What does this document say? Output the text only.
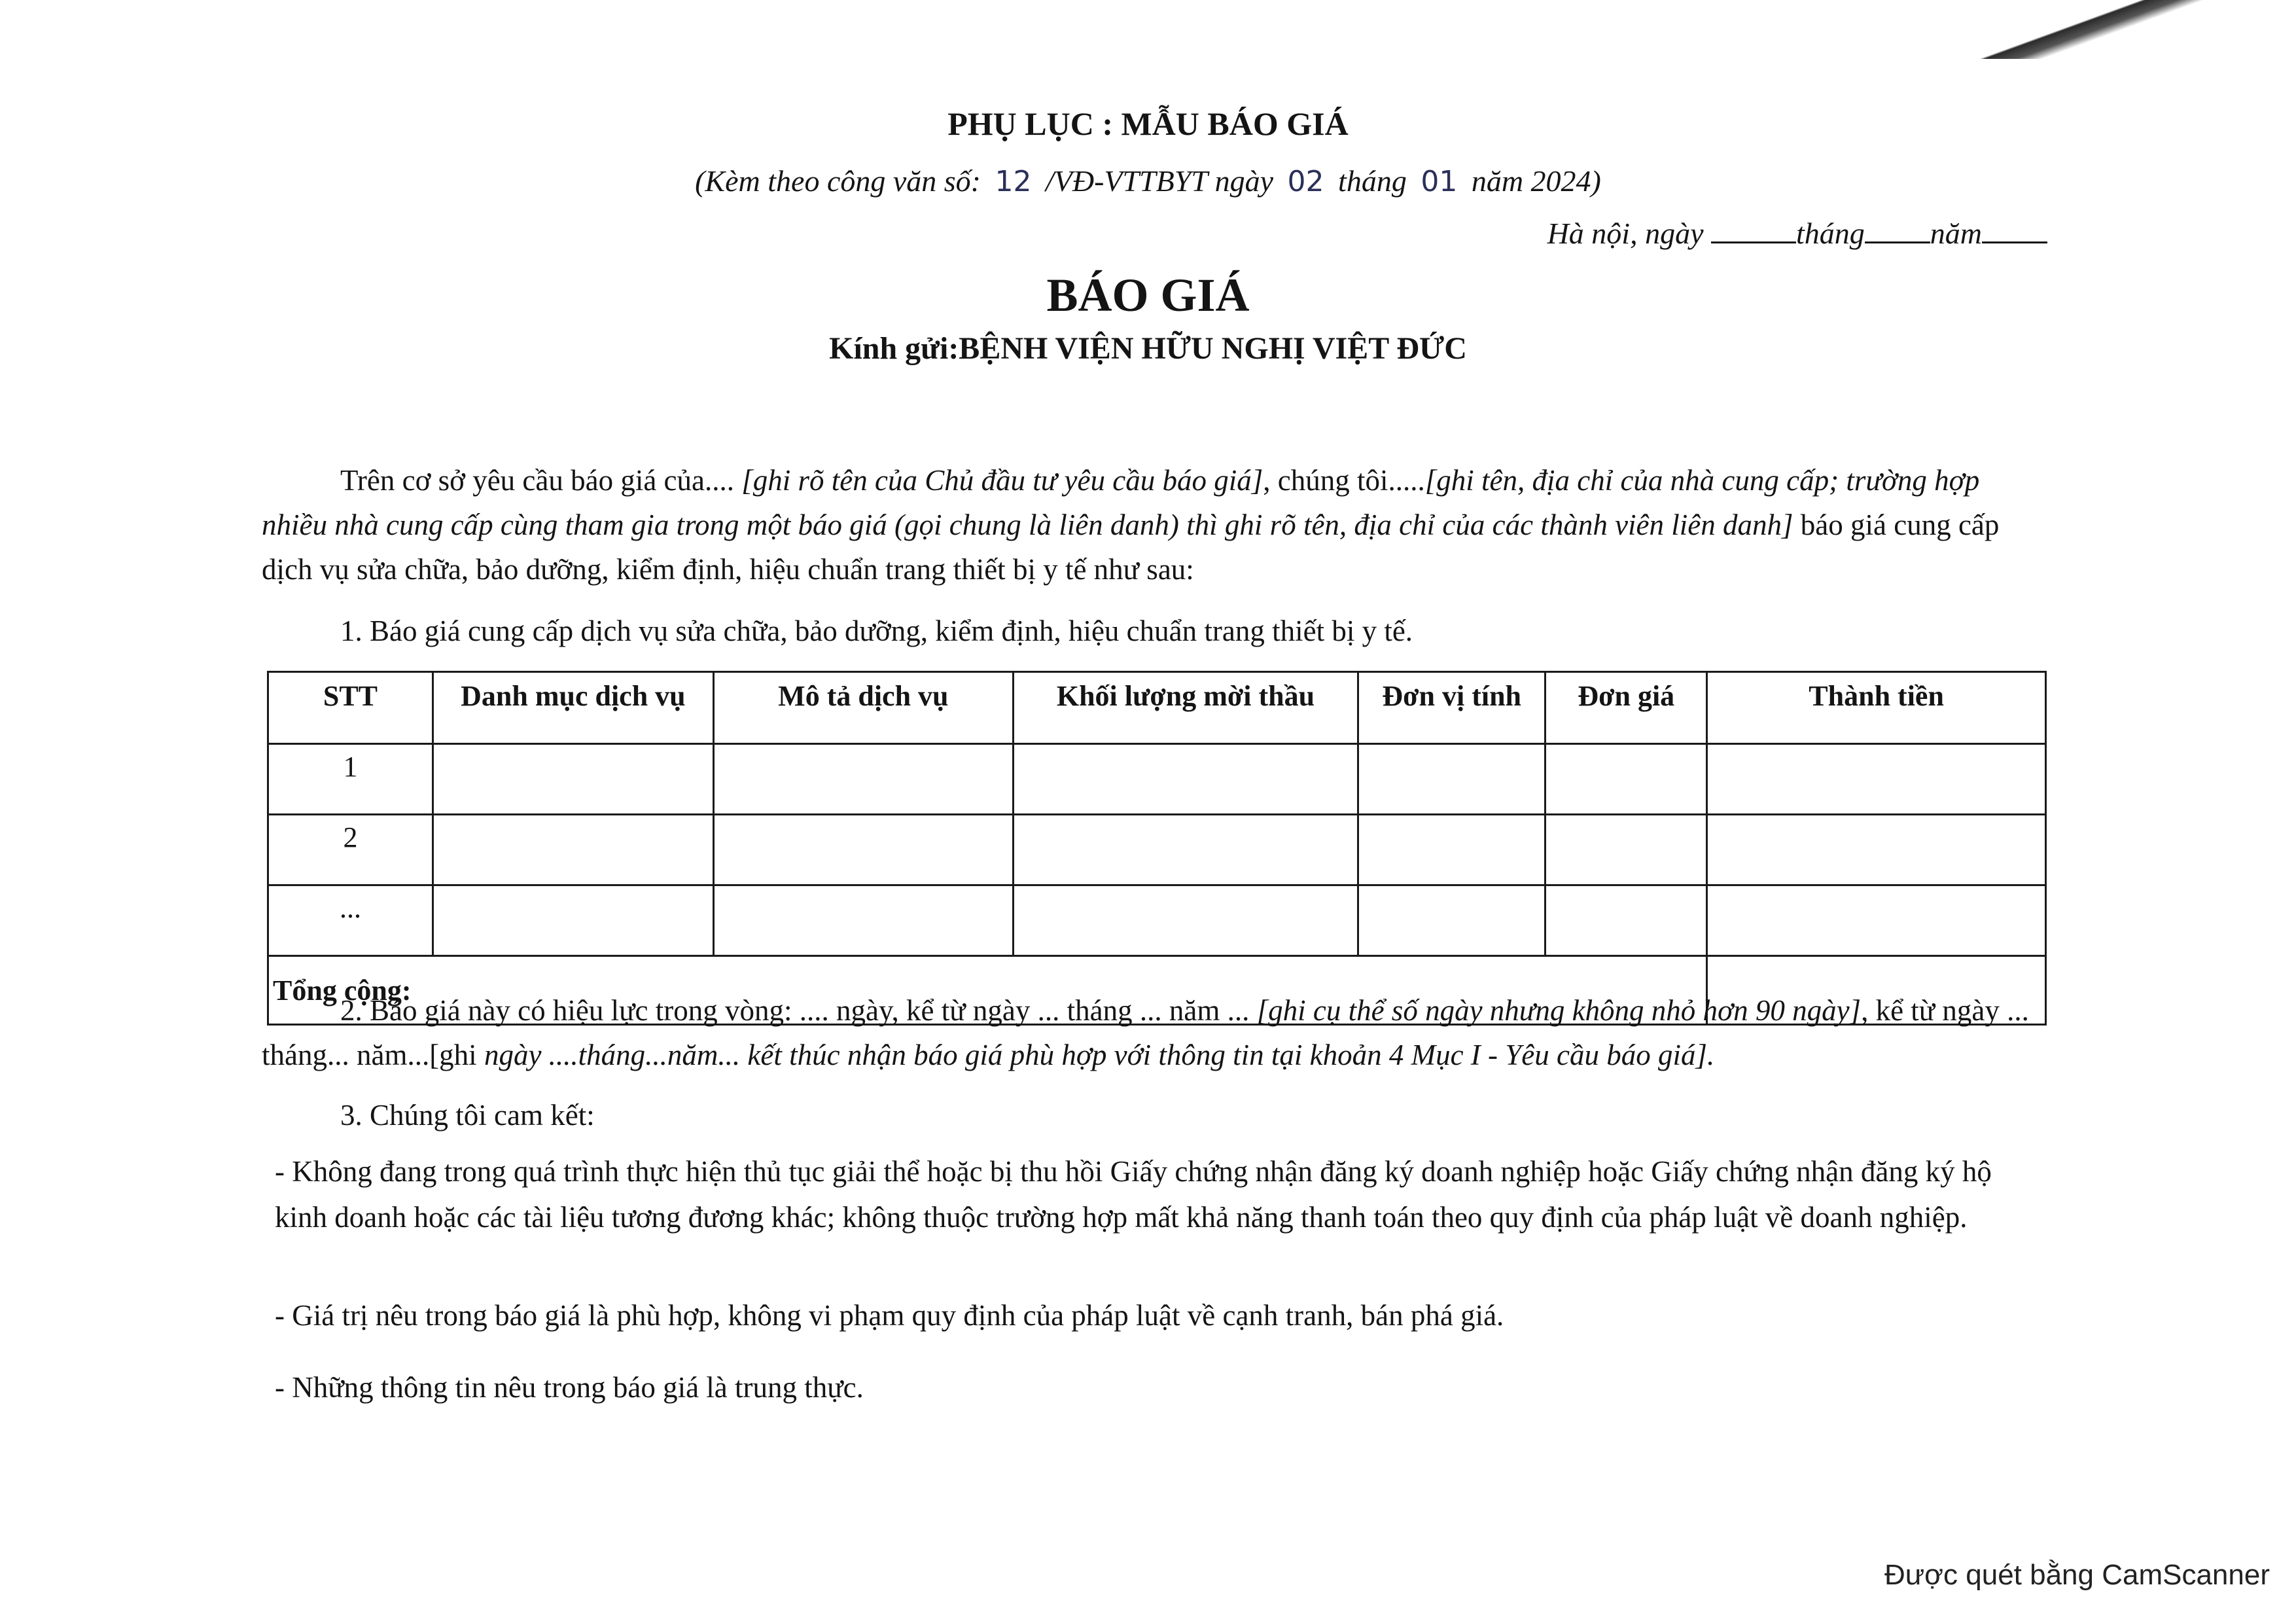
PHỤ LỤC : MẪU BÁO GIÁ
(Kèm theo công văn số: 12 /VĐ-VTTBYT ngày 02 tháng 01 năm 2024)
Hà nội, ngày	tháng năm
BÁO GIÁ
Kính gửi:BỆNH VIỆN HỮU NGHỊ VIỆT ĐỨC
Trên cơ sở yêu cầu báo giá của.... [ghi rõ tên của Chủ đầu tư yêu cầu báo giá], chúng tôi.....[ghi tên, địa chỉ của nhà cung cấp; trường hợp nhiều nhà cung cấp cùng tham gia trong một báo giá (gọi chung là liên danh) thì ghi rõ tên, địa chỉ của các thành viên liên danh] báo giá cung cấp dịch vụ sửa chữa, bảo dưỡng, kiểm định, hiệu chuẩn trang thiết bị y tế như sau:
1. Báo giá cung cấp dịch vụ sửa chữa, bảo dưỡng, kiểm định, hiệu chuẩn trang thiết bị y tế.
STT	Danh mục dịch vụ	Mô tả dịch vụ	Khối lượng mời thầu	Đơn vị tính	Đơn giá	Thành tiền
1						
2						
...						
Tổng cộng:						
2. Báo giá này có hiệu lực trong vòng: .... ngày, kể từ ngày ... tháng ... năm ... [ghi cụ thể số ngày nhưng không nhỏ hơn 90 ngày], kể từ ngày ... tháng... năm...[ghi ngày ....tháng...năm... kết thúc nhận báo giá phù hợp với thông tin tại khoản 4 Mục I - Yêu cầu báo giá].
3. Chúng tôi cam kết:
- Không đang trong quá trình thực hiện thủ tục giải thể hoặc bị thu hồi Giấy chứng nhận đăng ký doanh nghiệp hoặc Giấy chứng nhận đăng ký hộ kinh doanh hoặc các tài liệu tương đương khác; không thuộc trường hợp mất khả năng thanh toán theo quy định của pháp luật về doanh nghiệp.
- Giá trị nêu trong báo giá là phù hợp, không vi phạm quy định của pháp luật về cạnh tranh, bán phá giá.
- Những thông tin nêu trong báo giá là trung thực.
Được quét bằng CamScanner
